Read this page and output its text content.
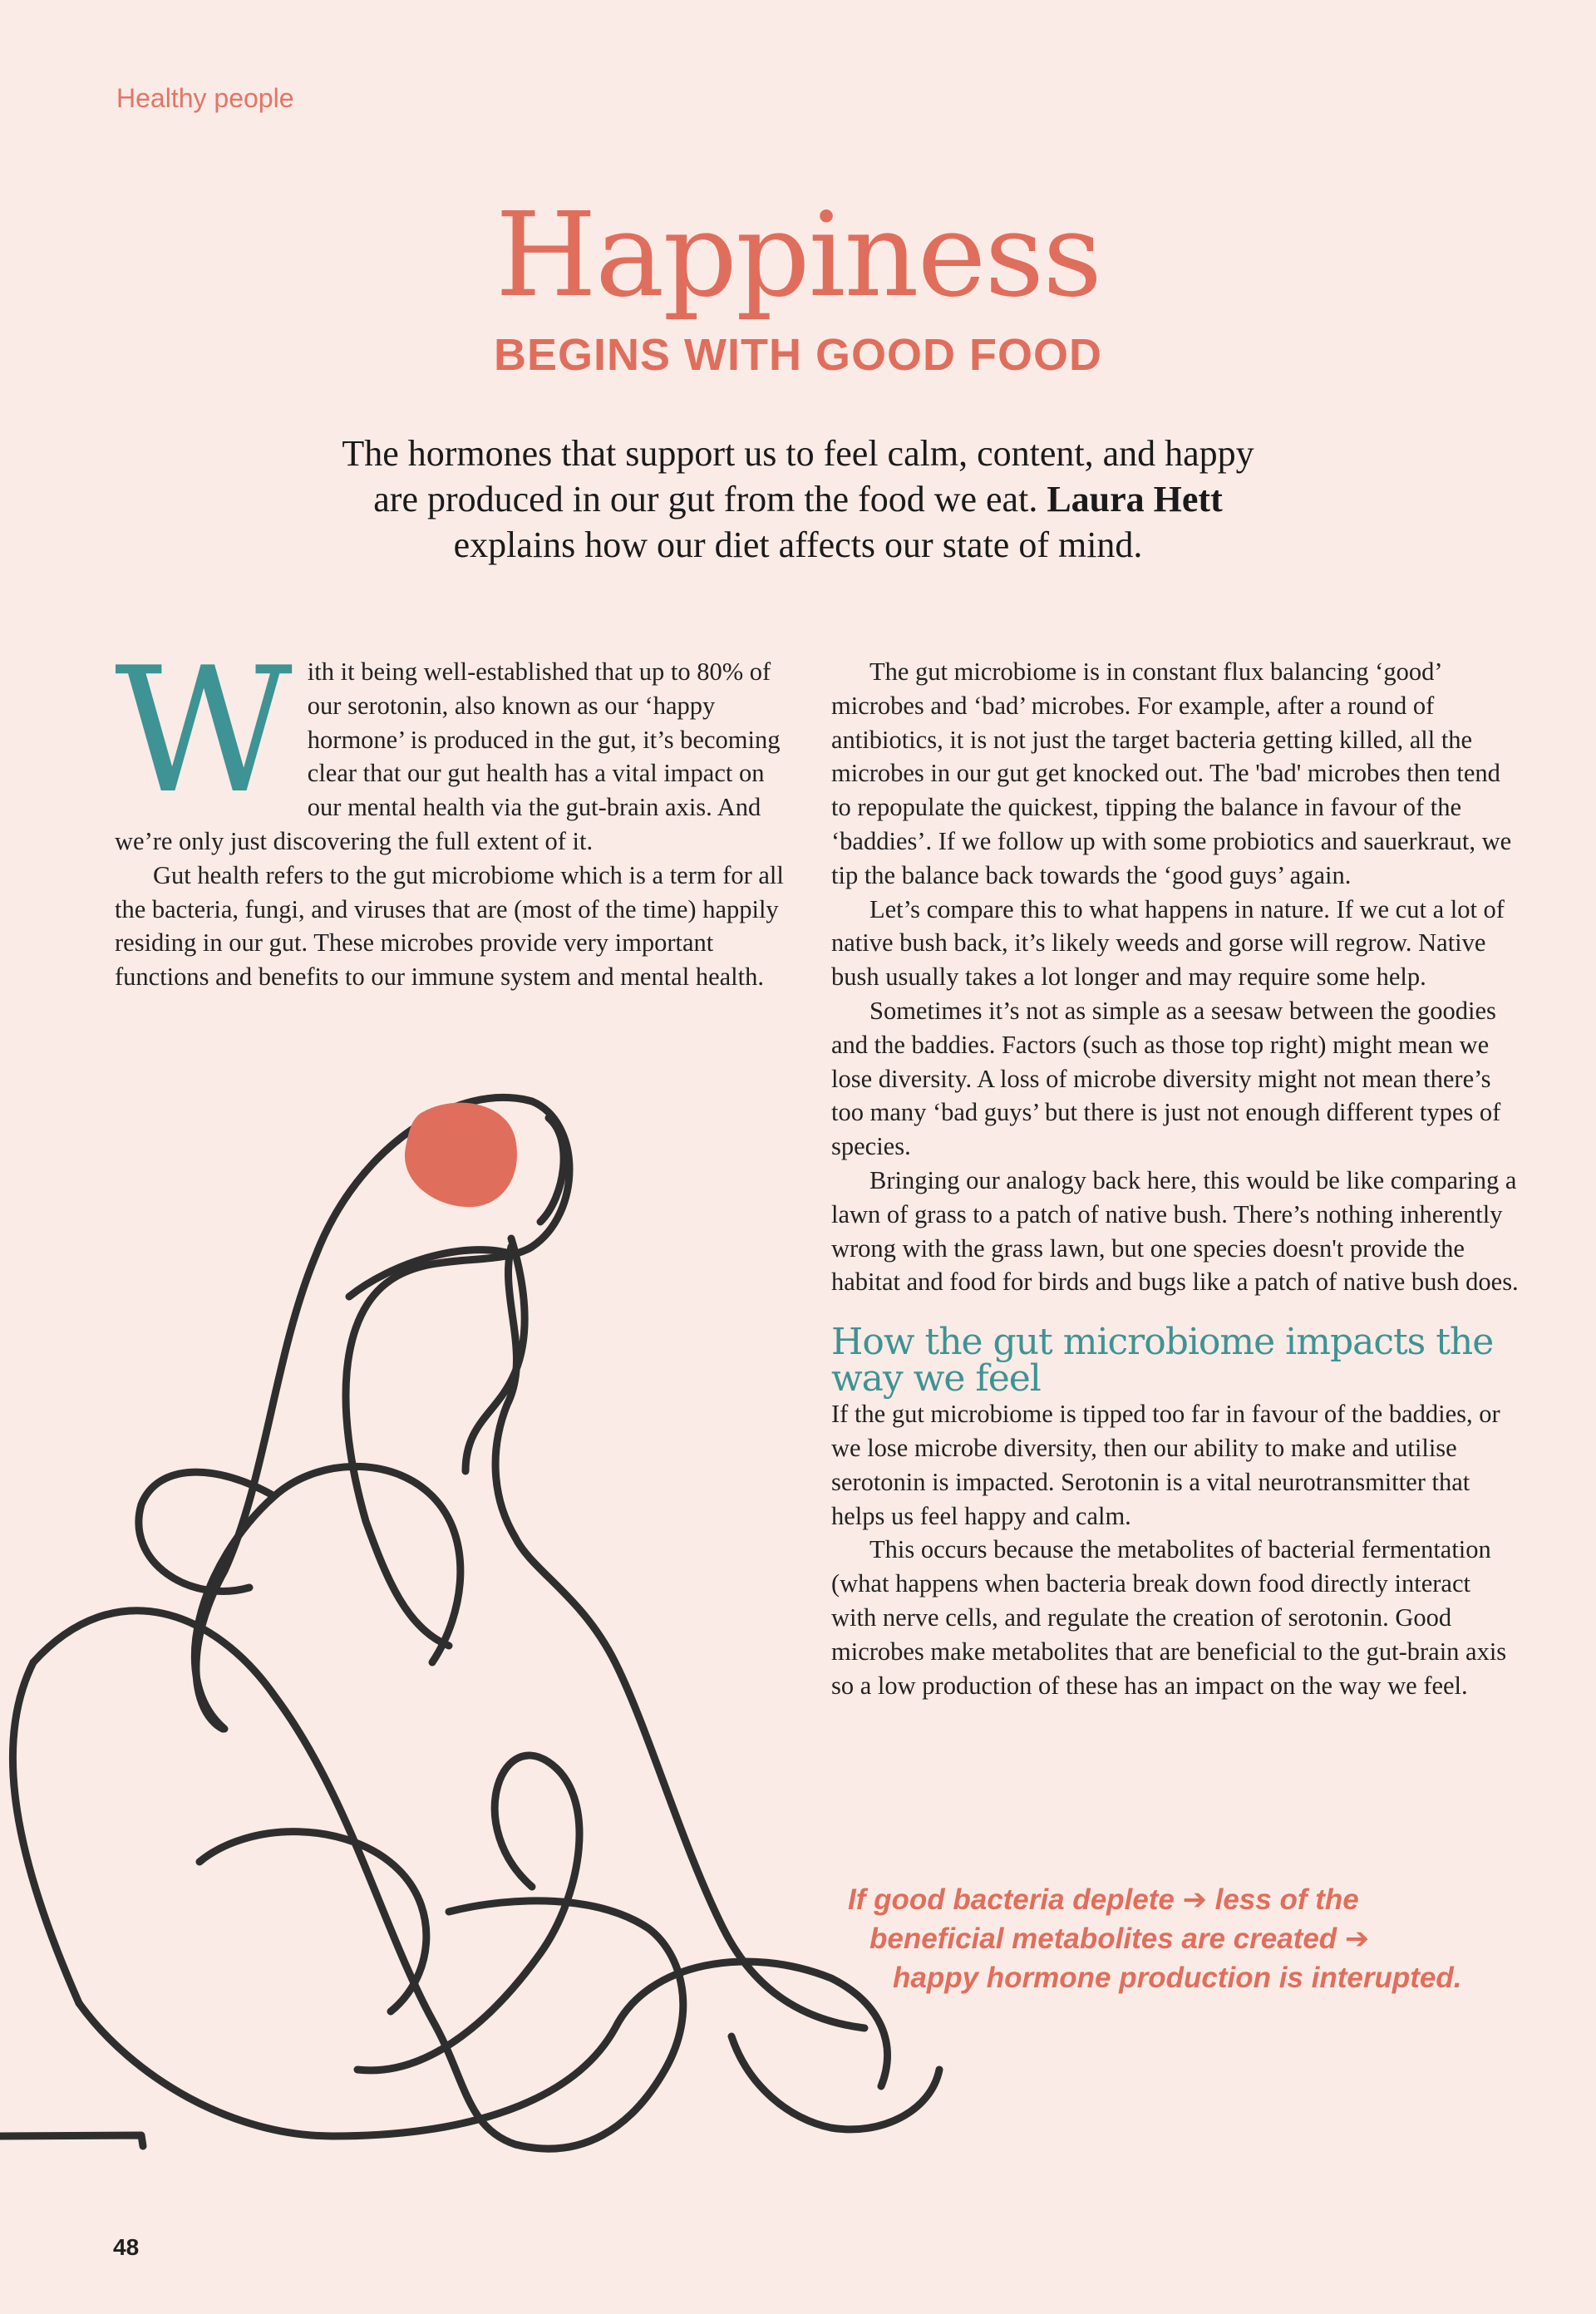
Healthy people
Happiness
BEGINS WITH GOOD FOOD
The hormones that support us to feel calm, content, and happy
are produced in our gut from the food we eat. Laura Hett
explains how our diet affects our state of mind.

With it being well-established that up to 80% of our serotonin, also known as our ‘happy hormone’ is produced in the gut, it’s becoming clear that our gut health has a vital impact on our mental health via the gut-brain axis. And we’re only just discovering the full extent of it.

Gut health refers to the gut microbiome which is a term for all the bacteria, fungi, and viruses that are (most of the time) happily residing in our gut. These microbes provide very important functions and benefits to our immune system and mental health.

The gut microbiome is in constant flux balancing ‘good’ microbes and ‘bad’ microbes. For example, after a round of antibiotics, it is not just the target bacteria getting killed, all the microbes in our gut get knocked out. The 'bad' microbes then tend to repopulate the quickest, tipping the balance in favour of the ‘baddies’. If we follow up with some probiotics and sauerkraut, we tip the balance back towards the ‘good guys’ again.

Let’s compare this to what happens in nature. If we cut a lot of native bush back, it’s likely weeds and gorse will regrow. Native bush usually takes a lot longer and may require some help.

Sometimes it’s not as simple as a seesaw between the goodies and the baddies. Factors (such as those top right) might mean we lose diversity. A loss of microbe diversity might not mean there’s too many ‘bad guys’ but there is just not enough different types of species.

Bringing our analogy back here, this would be like comparing a lawn of grass to a patch of native bush. There’s nothing inherently wrong with the grass lawn, but one species doesn't provide the habitat and food for birds and bugs like a patch of native bush does.

How the gut microbiome impacts the way we feel

If the gut microbiome is tipped too far in favour of the baddies, or we lose microbe diversity, then our ability to make and utilise serotonin is impacted. Serotonin is a vital neurotransmitter that helps us feel happy and calm.

This occurs because the metabolites of bacterial fermentation (what happens when bacteria break down food directly interact with nerve cells, and regulate the creation of serotonin. Good microbes make metabolites that are beneficial to the gut-brain axis so a low production of these has an impact on the way we feel.

If good bacteria deplete ➔ less of the
beneficial metabolites are created ➔
happy hormone production is interupted.
48
